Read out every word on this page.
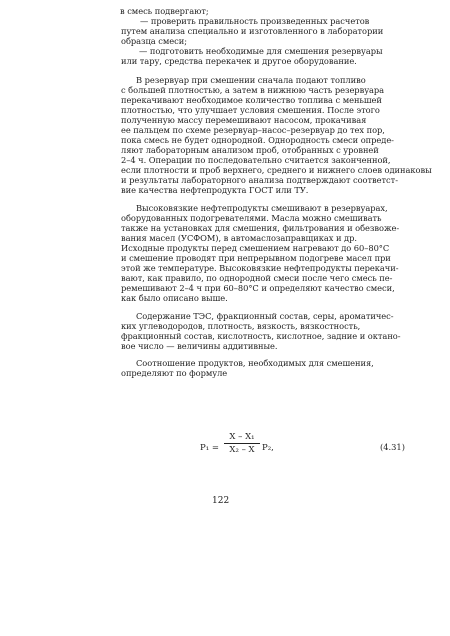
в смесь подвергают;
— проверить правильность произведенных расчетов
путем анализа специально и изготовленного в лаборатории
образца смеси;
— подготовить необходимые для смешения резервуары
или тару, средства перекачек и другое оборудование.
В резервуар при смешении сначала подают топливо
с большей плотностью, а затем в нижнюю часть резервуара
перекачивают необходимое количество топлива с меньшей
плотностью, что улучшает условия смешения. После этого
полученную массу перемешивают насосом, прокачивая
ее пальцем по схеме резервуар–насос–резервуар до тех пор,
пока смесь не будет однородной. Однородность смеси опреде-
ляют лабораторным анализом проб, отобранных с уровней
2–4 ч. Операции по последовательно считается законченной,
если плотности и проб верхнего, среднего и нижнего слоев одинаковы
и результаты лабораторного анализа подтверждают соответст-
вие качества нефтепродукта ГОСТ или ТУ.
Высоковязкие нефтепродукты смешивают в резервуарах,
оборудованных подогревателями. Масла можно смешивать
также на установках для смешения, фильтрования и обезвоже-
вания масел (УСФОМ), в автомаслозаправщиках и др.
Исходные продукты перед смешением нагревают до 60–80°С
и смешение проводят при непрерывном подогреве масел при
этой же температуре. Высоковязкие нефтепродукты перекачи-
вают, как правило, по однородной смеси после чего смесь пе-
ремешивают 2–4 ч при 60–80°С и определяют качество смеси,
как было описано выше.
Содержание ТЭС, фракционный состав, серы, ароматичес-
ких углеводородов, плотность, вязкость, вязкостность,
фракционный состав, кислотность, кислотное, задние и октано-
вое число — величины аддитивные.
Соотношение продуктов, необходимых для смешения,
определяют по формуле
$P_1 = \frac{\text{X – X₁}}{\text{X₂ – X}} P_2$,	(4.31)
122
